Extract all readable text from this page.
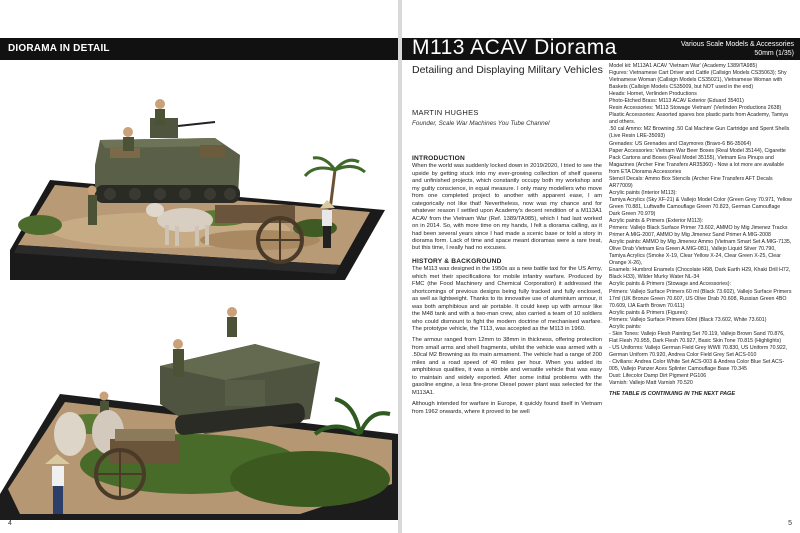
DIORAMA IN DETAIL
4
M113 ACAV Diorama	Various Scale Models & Accessories
50mm (1/35)
Detailing and Displaying Military Vehicles
MARTIN HUGHES
Founder, Scale War Machines You Tube Channel
INTRODUCTION

When the world was suddenly locked down in 2019/2020, I tried to see the upside by getting stuck into my ever-growing collection of shelf queens and unfinished projects, which constantly occupy both my workshop and my guilty conscience, in equal measure. I only many modellers who move from one completed project to another with apparent ease, I am categorically not like that! Nevertheless, now was my chance and for whatever reason I settled upon Academy's decent rendition of a M113A1 ACAV from the Vietnam War (Ref. 1389/TA985), which I had last worked on in 2014. So, with more time on my hands, I felt a diorama calling, as it had been several years since I had made a scenic base or told a story in diorama form. Lack of time and space meant dioramas were a rare treat, but this time, I really had no excuses.

HISTORY & BACKGROUND

The M113 was designed in the 1950s as a new battle taxi for the US Army, which met their specifications for mobile infantry warfare. Produced by FMC (the Food Machinery and Chemical Corporation) it addressed the shortcomings of previous designs being fully tracked and fully enclosed, as well as lightweight. Thanks to its innovative use of aluminium armour, it was both amphibious and air portable. It could keep up with armour like the M48 tank and with a two-man crew, also carried a team of 10 soldiers who could dismount to fight the modern doctrine of mechanised warfare. The prototype vehicle, the T113, was accepted as the M113 in 1960.

The armour ranged from 12mm to 38mm in thickness, offering protection from small arms and shell fragments, whilst the vehicle was armed with a .50cal M2 Browning as its main armament. The vehicle had a range of 200 miles and a road speed of 40 miles per hour. When you added its amphibious qualities, it was a nimble and versatile vehicle that was easy to maintain and widely exported. After some initial problems with the gasoline engine, a less fire-prone Diesel power plant was selected for the M113A1.

Although intended for warfare in Europe, it quickly found itself in Vietnam from 1962 onwards, where it proved to be well

Model kit: M113A1 ACAV 'Vietnam War' (Academy 1389/TA985)
Figures: Vietnamese Cart Driver and Cattle (Callsign Models CS35063); Shy Vietnamese Woman (Callsign Models CS35021), Vietnamese Woman with Baskets (Callsign Models CS35009, but NOT used in the end)
Heads: Hornet, Verlinden Productions
Photo-Etched Brass: M113 ACAV Exterior (Eduard 35401)
Resin Accessories: 'M113 Stowage Vietnam' (Verlinden Productions 2638)
Plastic Accessories: Assorted spares box plastic parts from Academy, Tamiya and others.
.50 cal Ammo: M2 Browning .50 Cal Machine Gun Cartridge and Spent Shells (Live Resin LRE-35093)
Grenades: US Grenades and Claymores (Bravo-6 B6-35064)
Paper Accessories: Vietnam War Beer Boxes (Real Model 35144), Cigarette Pack Cartons and Boxes (Real Model 35155), Vietnam Era Pinups and Magazines (Archer Fine Transfers AR35360) - Now a lot more are available from ETA Diorama Accessories
Stencil Decals: Ammo Box Stencils (Archer Fine Transfers AFT Decals AR77009)
Acrylic paints (Interior M113):
Tamiya Acrylics (Sky XF-21) & Vallejo Model Color (Green Grey 70.971, Yellow Green 70.881, Luftwaffe Camouflage Green 70.823, German Camouflage Dark Green 70.979)
Acrylic paints & Primers (Exterior M113):
Primers: Vallejo Black Surface Primer 73.602, AMMO by Mig Jimenez Tracks Primer A.MIG-2007, AMMO by Mig Jimenez Sand Primer A.MIG-2008
Acrylic paints: AMMO by Mig Jimenez Ammo (Vietnam Smart Set A.MIG-7135, Olive Drab Vietnam Era Green A.MIG-081), Vallejo Liquid Silver 70.790, Tamiya Acrylics (Smoke X-19, Clear Yellow X-24, Clear Green X-25, Clear Orange X-26),
Enamels: Humbrol Enamels (Chocolate H98, Dark Earth H29, Khaki Drill H72, Black H33), Wilder Murky Water NL-34
Acrylic paints & Primers (Stowage and Accessories):
Primers: Vallejo Surface Primers 60 ml (Black 73.602), Vallejo Surface Primers 17ml (UK Bronze Green 70.607, US Olive Drab 70.608, Russian Green 4BO 70.609, IJA Earth Brown 70.611)
Acrylic paints & Primers (Figures):
Primers: Vallejo Surface Primers 60ml (Black 73.602, White 73.601)
Acrylic paints:
- Skin Tones: Vallejo Flesh Painting Set 70.119, Vallejo Brown Sand 70.876, Flat Flesh 70.955, Dark Flesh 70.927, Basic Skin Tone 70.815 (Highlights)
- US Uniforms: Vallejo German Field Grey WWII 70.830, US Uniform 70.922, German Uniform 70.920, Andrea Color Field Grey Set ACS-010
- Civilians: Andrea Color White Set ACS-003 & Andrea Color Blue Set ACS-005, Vallejo Panzer Aces Splinter Camouflage Base 70.345
Dust: Lifecolor Damp Dirt Pigment PG106
Varnish: Vallejo Matt Varnish 70.520
THE TABLE IS CONTINUING IN THE NEXT PAGE
5
